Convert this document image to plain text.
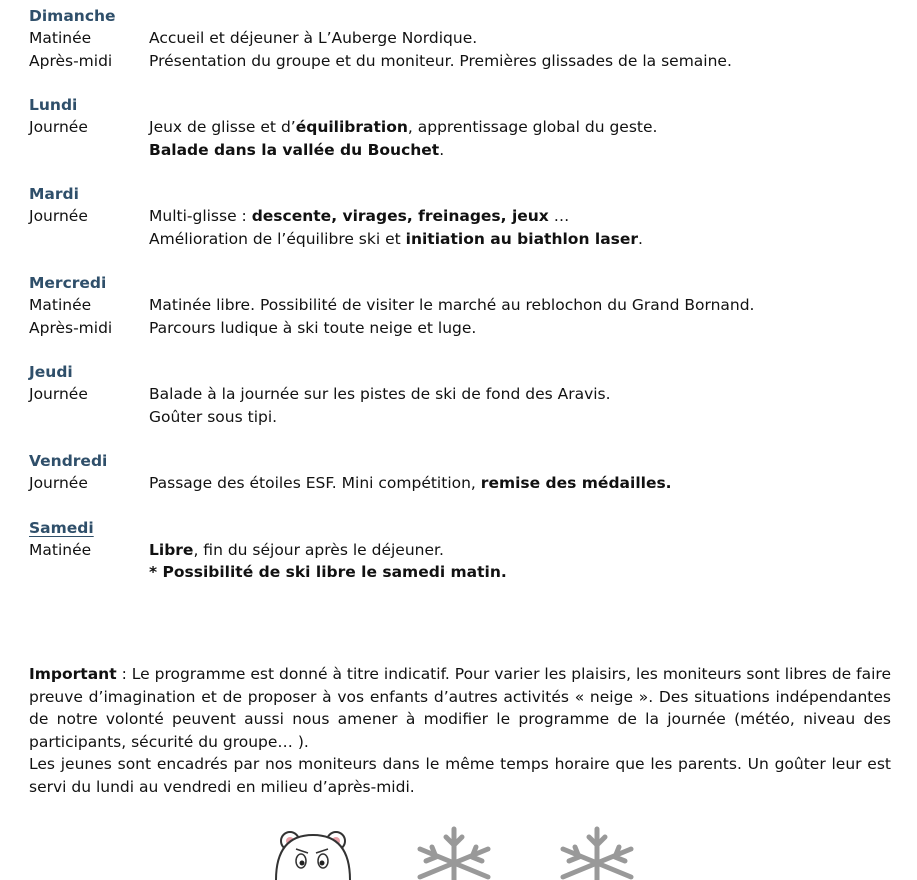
Dimanche
Matinée	Accueil et déjeuner à L’Auberge Nordique.
Après-midi	Présentation du groupe et du moniteur. Premières glissades de la semaine.
Lundi
Journée	Jeux de glisse et d’équilibration, apprentissage global du geste.
Balade dans la vallée du Bouchet.
Mardi
Journée	Multi-glisse : descente, virages, freinages, jeux …
Amélioration de l’équilibre ski et initiation au biathlon laser.
Mercredi
Matinée	Matinée libre. Possibilité de visiter le marché au reblochon du Grand Bornand.
Après-midi	Parcours ludique à ski toute neige et luge.
Jeudi
Journée	Balade à la journée sur les pistes de ski de fond des Aravis.
Goûter sous tipi.
Vendredi
Journée	Passage des étoiles ESF. Mini compétition, remise des médailles.
Samedi
Matinée	Libre, fin du séjour après le déjeuner.
* Possibilité de ski libre le samedi matin.

Important : Le programme est donné à titre indicatif. Pour varier les plaisirs, les moniteurs sont libres de faire preuve d’imagination et de proposer à vos enfants d’autres activités « neige ». Des situations indépendantes de notre volonté peuvent aussi nous amener à modifier le programme de la journée (météo, niveau des participants, sécurité du groupe… ).

Les jeunes sont encadrés par nos moniteurs dans le même temps horaire que les parents. Un goûter leur est servi du lundi au vendredi en milieu d’après-midi.
